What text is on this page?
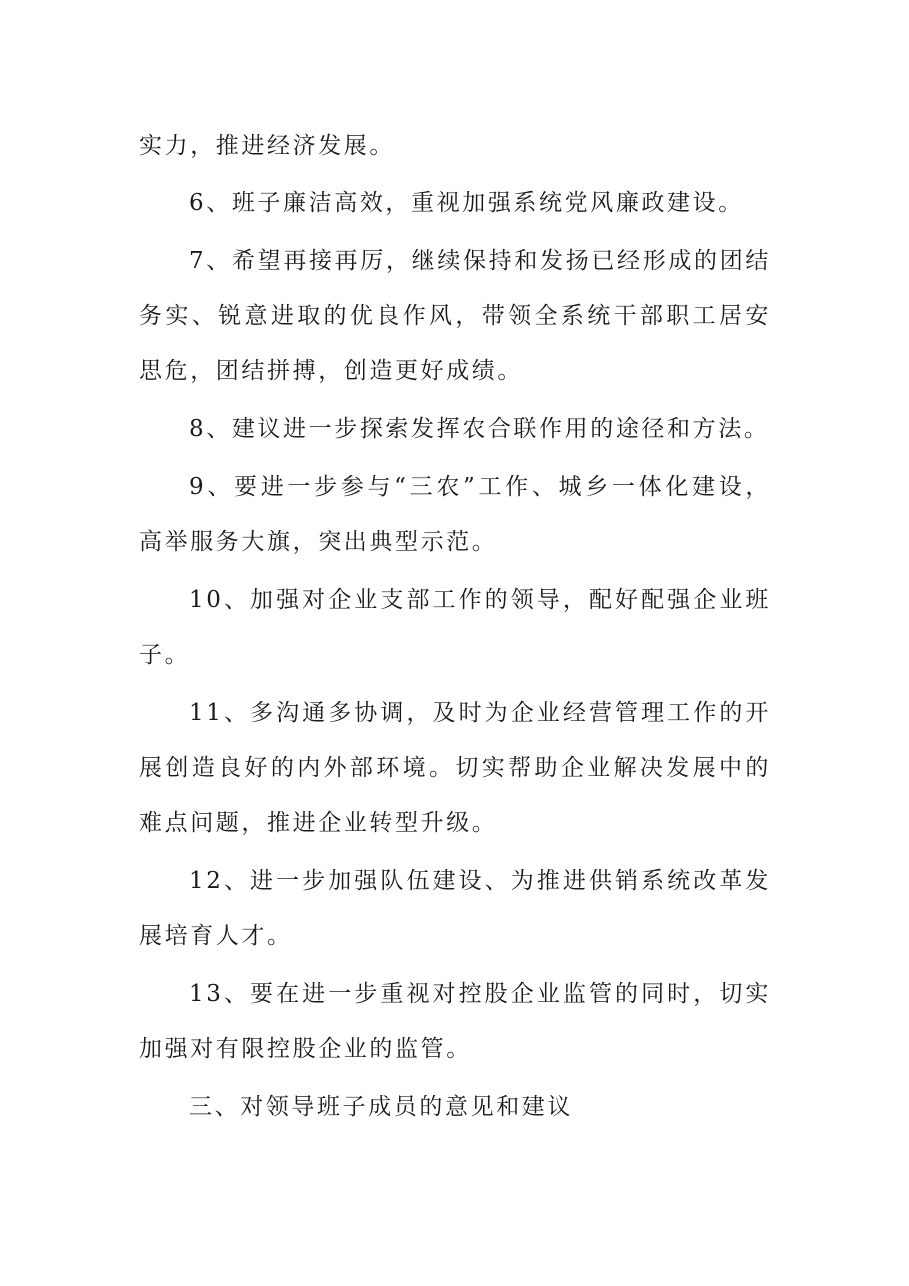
实力，推进经济发展。

6、班子廉洁高效，重视加强系统党风廉政建设。

7、希望再接再厉，继续保持和发扬已经形成的团结务实、锐意进取的优良作风，带领全系统干部职工居安思危，团结拼搏，创造更好成绩。

8、建议进一步探索发挥农合联作用的途径和方法。

9、要进一步参与“三农”工作、城乡一体化建设，高举服务大旗，突出典型示范。

10、加强对企业支部工作的领导，配好配强企业班子。

11、多沟通多协调，及时为企业经营管理工作的开展创造良好的内外部环境。切实帮助企业解决发展中的难点问题，推进企业转型升级。

12、进一步加强队伍建设、为推进供销系统改革发展培育人才。

13、要在进一步重视对控股企业监管的同时，切实加强对有限控股企业的监管。

三、对领导班子成员的意见和建议
